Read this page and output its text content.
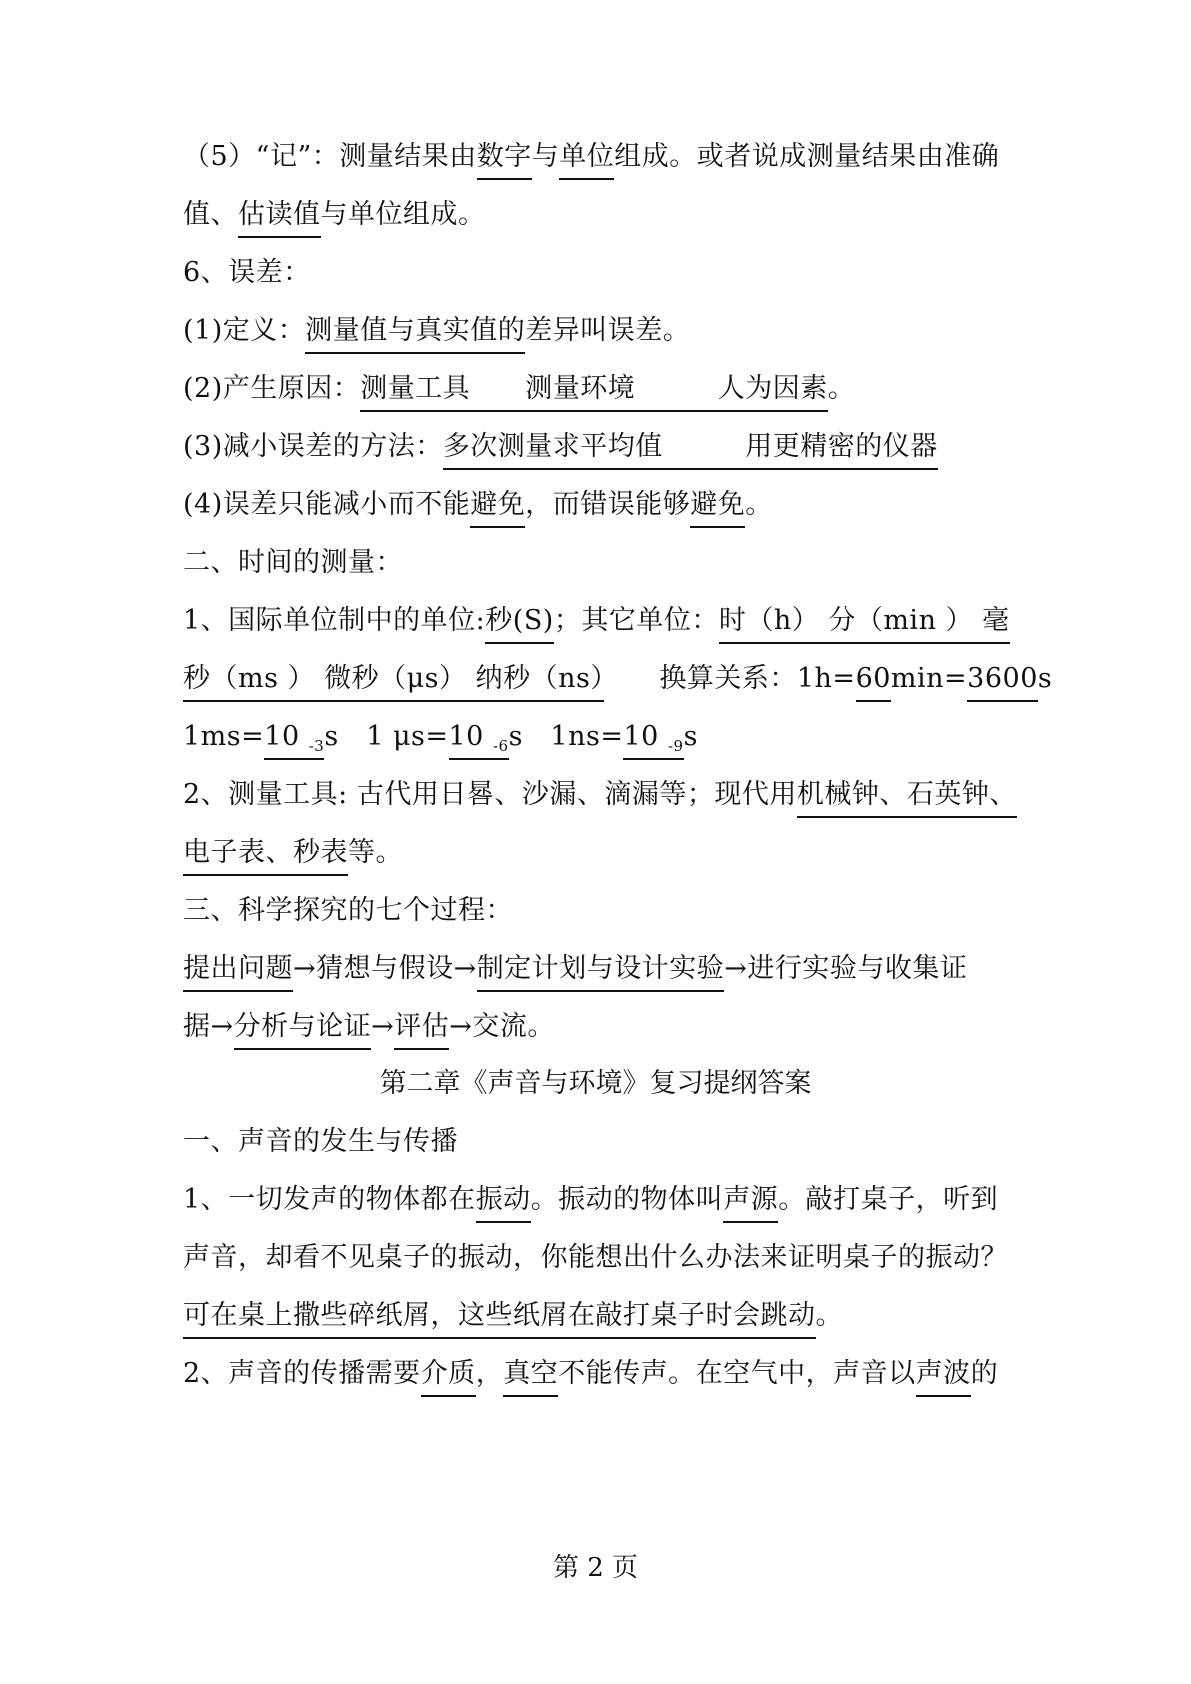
（5）“记”：测量结果由数字与单位组成。或者说成测量结果由准确
值、估读值与单位组成。
6、误差：
(1)定义：测量值与真实值的差异叫误差。
(2)产生原因：测量工具　　测量环境　　　人为因素。
(3)减小误差的方法：多次测量求平均值　　　用更精密的仪器
(4)误差只能减小而不能避免，而错误能够避免。
二、时间的测量：
1、国际单位制中的单位:秒(S)；其它单位：时（h） 分（min ） 毫
秒（ms ） 微秒（μs） 纳秒（ns）　　换算关系：1h=60min=3600s
1ms=10 $^{-3}$s　1 μs=10 $^{-6}$s　1ns=10 $^{-9}$s
2、测量工具: 古代用日晷、沙漏、滴漏等；现代用机械钟、石英钟、
电子表、秒表等。
三、科学探究的七个过程：
提出问题→猜想与假设→制定计划与设计实验→进行实验与收集证
据→分析与论证→评估→交流。
第二章《声音与环境》复习提纲答案
一、声音的发生与传播
1、一切发声的物体都在振动。振动的物体叫声源。敲打桌子，听到
声音，却看不见桌子的振动，你能想出什么办法来证明桌子的振动？
可在桌上撒些碎纸屑，这些纸屑在敲打桌子时会跳动。
2、声音的传播需要介质，真空不能传声。在空气中，声音以声波的
第 2 页
